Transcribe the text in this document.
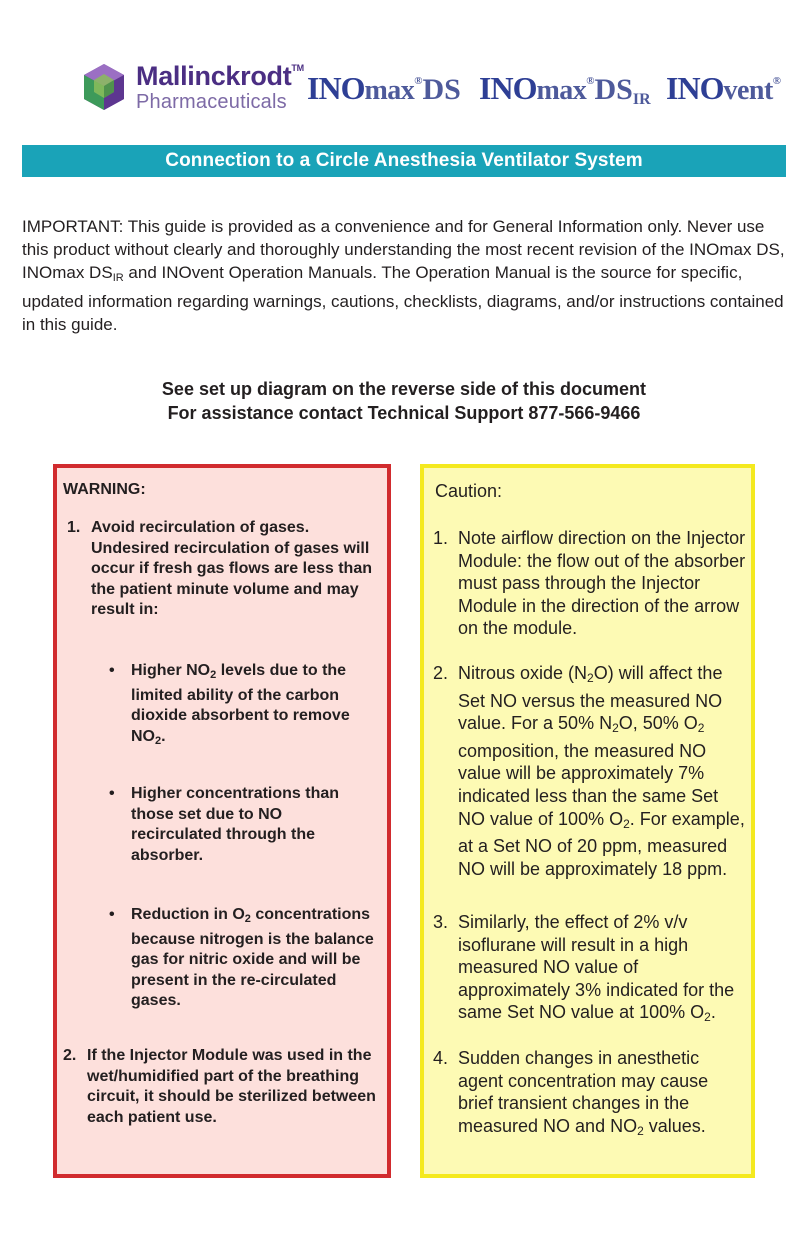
Mallinckrodt™
Pharmaceuticals INOmax®DS $INOmax®DS_{IR}$ INOvent®
Connection to a Circle Anesthesia Ventilator System

IMPORTANT: This guide is provided as a convenience and for General Information only. Never use this product without clearly and thoroughly understanding the most recent revision of the INOmax DS, INOmax $DS_{IR}$ and INOvent Operation Manuals. The Operation Manual is the source for specific, updated information regarding warnings, cautions, checklists, diagrams, and/or instructions contained in this guide.

See set up diagram on the reverse side of this document
For assistance contact Technical Support 877-566-9466
WARNING:
1. Avoid recirculation of gases. Undesired recirculation of gases will occur if fresh gas flows are less than the patient minute volume and may result in:
• Higher $NO_2$ levels due to the limited ability of the carbon dioxide absorbent to remove $NO_2$.
• Higher concentrations than those set due to NO recirculated through the absorber.
• Reduction in $O_2$ concentrations because nitrogen is the balance gas for nitric oxide and will be present in the re-circulated gases.
2. If the Injector Module was used in the wet/humidified part of the breathing circuit, it should be sterilized between each patient use.
Caution:
1. Note airflow direction on the Injector Module: the flow out of the absorber must pass through the Injector Module in the direction of the arrow on the module.
2. Nitrous oxide $(N_2O)$ will affect the Set NO versus the measured NO value. For a 50% $N_2O$, 50% $O_2$ composition, the measured NO value will be approximately 7% indicated less than the same Set NO value of 100% $O_2$. For example, at a Set NO of 20 ppm, measured NO will be approximately 18 ppm.
3. Similarly, the effect of 2% v/v isoflurane will result in a high measured NO value of approximately 3% indicated for the same Set NO value at 100% $O_2$.
4. Sudden changes in anesthetic agent concentration may cause brief transient changes in the measured NO and $NO_2$ values.
